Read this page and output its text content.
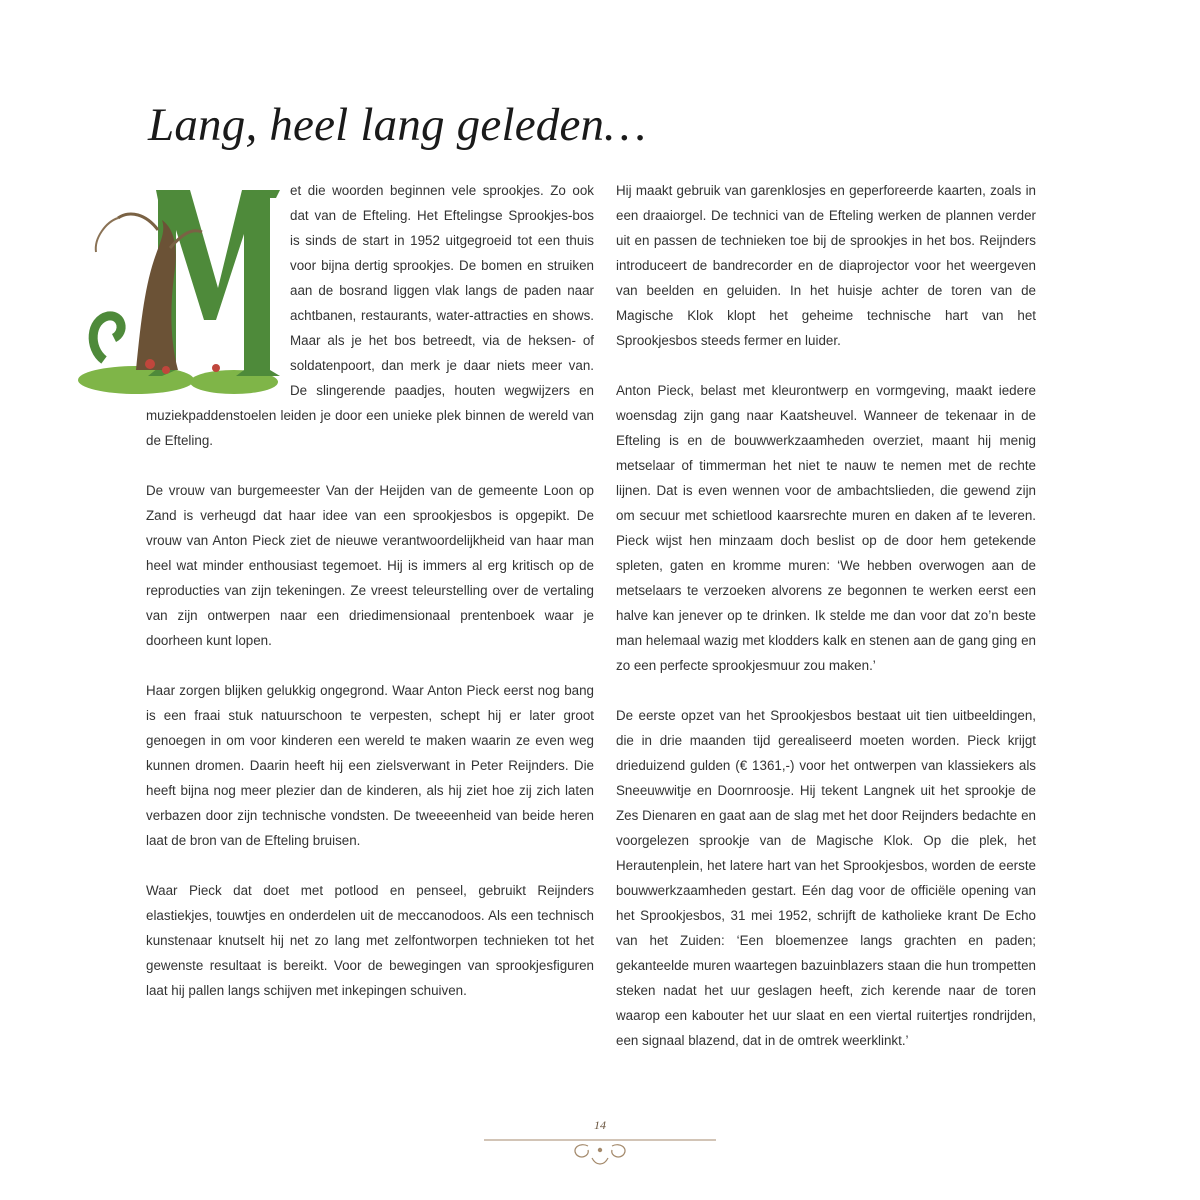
Lang, heel lang geleden…

et die woorden beginnen vele sprookjes. Zo ook dat van de Efteling. Het Eftelingse Sprookjes-bos is sinds de start in 1952 uitgegroeid tot een thuis voor bijna dertig sprookjes. De bomen en struiken aan de bosrand liggen vlak langs de paden naar achtbanen, restaurants, water-attracties en shows. Maar als je het bos betreedt, via de heksen- of soldatenpoort, dan merk je daar niets meer van. De slingerende paadjes, houten wegwijzers en muziekpaddenstoelen leiden je door een unieke plek binnen de wereld van de Efteling.

De vrouw van burgemeester Van der Heijden van de gemeente Loon op Zand is verheugd dat haar idee van een sprookjesbos is opgepikt. De vrouw van Anton Pieck ziet de nieuwe verantwoordelijkheid van haar man heel wat minder enthousiast tegemoet. Hij is immers al erg kritisch op de reproducties van zijn tekeningen. Ze vreest teleurstelling over de vertaling van zijn ontwerpen naar een driedimensionaal prentenboek waar je doorheen kunt lopen.

Haar zorgen blijken gelukkig ongegrond. Waar Anton Pieck eerst nog bang is een fraai stuk natuurschoon te verpesten, schept hij er later groot genoegen in om voor kinderen een wereld te maken waarin ze even weg kunnen dromen. Daarin heeft hij een zielsverwant in Peter Reijnders. Die heeft bijna nog meer plezier dan de kinderen, als hij ziet hoe zij zich laten verbazen door zijn technische vondsten. De tweeeenheid van beide heren laat de bron van de Efteling bruisen.

Waar Pieck dat doet met potlood en penseel, gebruikt Reijnders elastiekjes, touwtjes en onderdelen uit de meccanodoos. Als een technisch kunstenaar knutselt hij net zo lang met zelfontworpen technieken tot het gewenste resultaat is bereikt. Voor de bewegingen van sprookjesfiguren laat hij pallen langs schijven met inkepingen schuiven.

Hij maakt gebruik van garenklosjes en geperforeerde kaarten, zoals in een draaiorgel. De technici van de Efteling werken de plannen verder uit en passen de technieken toe bij de sprookjes in het bos. Reijnders introduceert de bandrecorder en de diaprojector voor het weergeven van beelden en geluiden. In het huisje achter de toren van de Magische Klok klopt het geheime technische hart van het Sprookjesbos steeds fermer en luider.

Anton Pieck, belast met kleurontwerp en vormgeving, maakt iedere woensdag zijn gang naar Kaatsheuvel. Wanneer de tekenaar in de Efteling is en de bouwwerkzaamheden overziet, maant hij menig metselaar of timmerman het niet te nauw te nemen met de rechte lijnen. Dat is even wennen voor de ambachtslieden, die gewend zijn om secuur met schietlood kaarsrechte muren en daken af te leveren. Pieck wijst hen minzaam doch beslist op de door hem getekende spleten, gaten en kromme muren: ‘We hebben overwogen aan de metselaars te verzoeken alvorens ze begonnen te werken eerst een halve kan jenever op te drinken. Ik stelde me dan voor dat zo’n beste man helemaal wazig met klodders kalk en stenen aan de gang ging en zo een perfecte sprookjesmuur zou maken.’

De eerste opzet van het Sprookjesbos bestaat uit tien uitbeeldingen, die in drie maanden tijd gerealiseerd moeten worden. Pieck krijgt drieduizend gulden (€ 1361,-) voor het ontwerpen van klassiekers als Sneeuwwitje en Doornroosje. Hij tekent Langnek uit het sprookje de Zes Dienaren en gaat aan de slag met het door Reijnders bedachte en voorgelezen sprookje van de Magische Klok. Op die plek, het Herautenplein, het latere hart van het Sprookjesbos, worden de eerste bouwwerkzaamheden gestart. Eén dag voor de officiële opening van het Sprookjesbos, 31 mei 1952, schrijft de katholieke krant De Echo van het Zuiden: ‘Een bloemenzee langs grachten en paden; gekanteelde muren waartegen bazuinblazers staan die hun trompetten steken nadat het uur geslagen heeft, zich kerende naar de toren waarop een kabouter het uur slaat en een viertal ruitertjes rondrijden, een signaal blazend, dat in de omtrek weerklinkt.’

14
